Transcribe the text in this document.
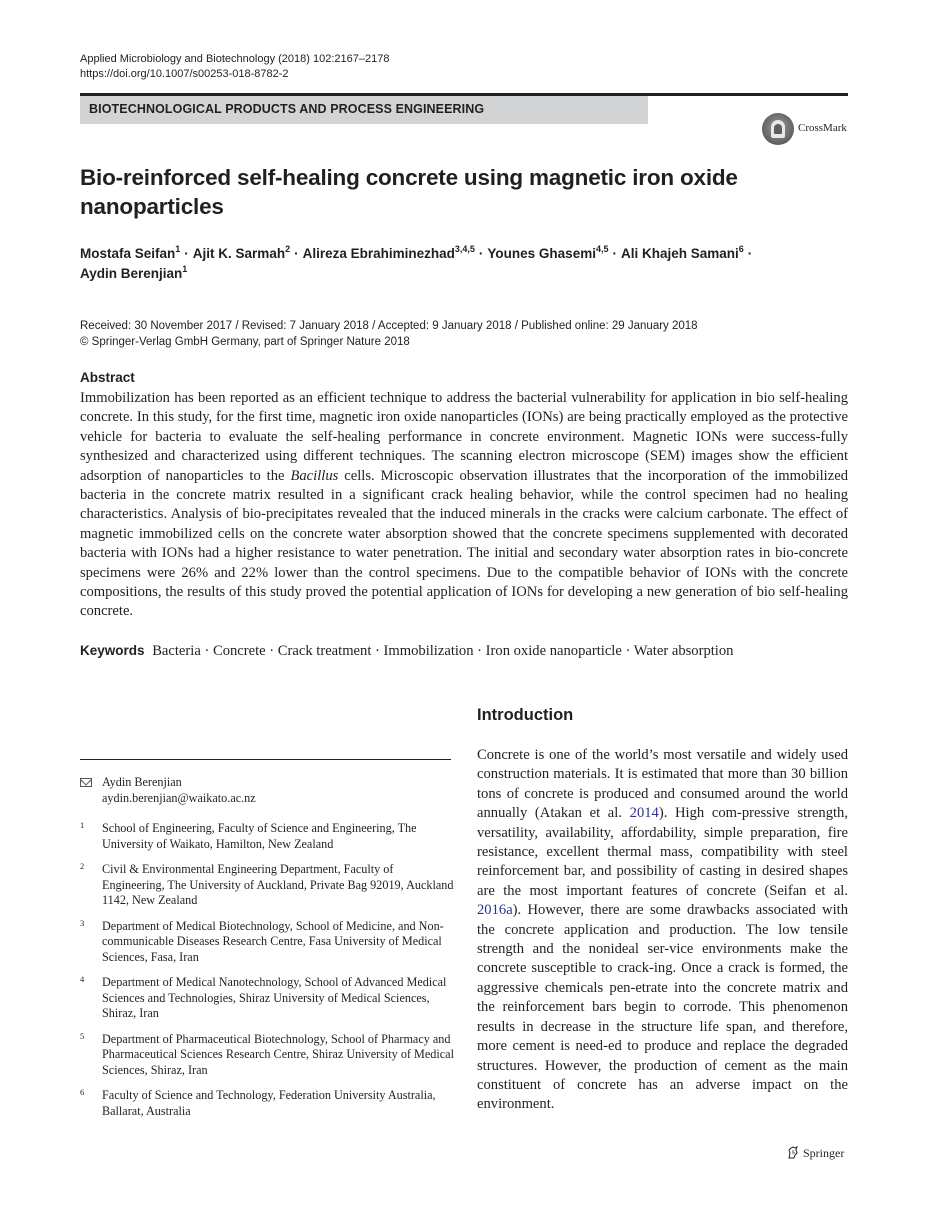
Applied Microbiology and Biotechnology (2018) 102:2167–2178
https://doi.org/10.1007/s00253-018-8782-2
BIOTECHNOLOGICAL PRODUCTS AND PROCESS ENGINEERING
CrossMark
Bio-reinforced self-healing concrete using magnetic iron oxide nanoparticles
Mostafa Seifan$^1$ · Ajit K. Sarmah$^2$ · Alireza Ebrahiminezhad$^{3,4,5}$ · Younes Ghasemi$^{4,5}$ · Ali Khajeh Samani$^6$ ·
Aydin Berenjian$^1$
Received: 30 November 2017 / Revised: 7 January 2018 / Accepted: 9 January 2018 / Published online: 29 January 2018
© Springer-Verlag GmbH Germany, part of Springer Nature 2018
Abstract
Immobilization has been reported as an efficient technique to address the bacterial vulnerability for application in bio self-healing concrete. In this study, for the first time, magnetic iron oxide nanoparticles (IONs) are being practically employed as the protective vehicle for bacteria to evaluate the self-healing performance in concrete environment. Magnetic IONs were success-fully synthesized and characterized using different techniques. The scanning electron microscope (SEM) images show the efficient adsorption of nanoparticles to the Bacillus cells. Microscopic observation illustrates that the incorporation of the immobilized bacteria in the concrete matrix resulted in a significant crack healing behavior, while the control specimen had no healing characteristics. Analysis of bio-precipitates revealed that the induced minerals in the cracks were calcium carbonate. The effect of magnetic immobilized cells on the concrete water absorption showed that the concrete specimens supplemented with decorated bacteria with IONs had a higher resistance to water penetration. The initial and secondary water absorption rates in bio-concrete specimens were 26% and 22% lower than the control specimens. Due to the compatible behavior of IONs with the concrete compositions, the results of this study proved the potential application of IONs for developing a new generation of bio self-healing concrete.
Keywords Bacteria · Concrete · Crack treatment · Immobilization · Iron oxide nanoparticle · Water absorption
Aydin Berenjian
aydin.berenjian@waikato.ac.nz
1 School of Engineering, Faculty of Science and Engineering, The University of Waikato, Hamilton, New Zealand
2 Civil & Environmental Engineering Department, Faculty of Engineering, The University of Auckland, Private Bag 92019, Auckland 1142, New Zealand
3 Department of Medical Biotechnology, School of Medicine, and Non-communicable Diseases Research Centre, Fasa University of Medical Sciences, Fasa, Iran
4 Department of Medical Nanotechnology, School of Advanced Medical Sciences and Technologies, Shiraz University of Medical Sciences, Shiraz, Iran
5 Department of Pharmaceutical Biotechnology, School of Pharmacy and Pharmaceutical Sciences Research Centre, Shiraz University of Medical Sciences, Shiraz, Iran
6 Faculty of Science and Technology, Federation University Australia, Ballarat, Australia
Introduction
Concrete is one of the world’s most versatile and widely used construction materials. It is estimated that more than 30 billion tons of concrete is produced and consumed around the world annually (Atakan et al. 2014). High com-pressive strength, versatility, availability, affordability, simple preparation, fire resistance, excellent thermal mass, compatibility with steel reinforcement bar, and possibility of casting in desired shapes are the most important features of concrete (Seifan et al. 2016a). However, there are some drawbacks associated with the concrete application and production. The low tensile strength and the nonideal ser-vice environments make the concrete susceptible to crack-ing. Once a crack is formed, the aggressive chemicals pen-etrate into the concrete matrix and the reinforcement bars begin to corrode. This phenomenon results in decrease in the structure life span, and therefore, more cement is need-ed to produce and replace the degraded structures. However, the production of cement as the main constituent of concrete has an adverse impact on the environment.
Springer
